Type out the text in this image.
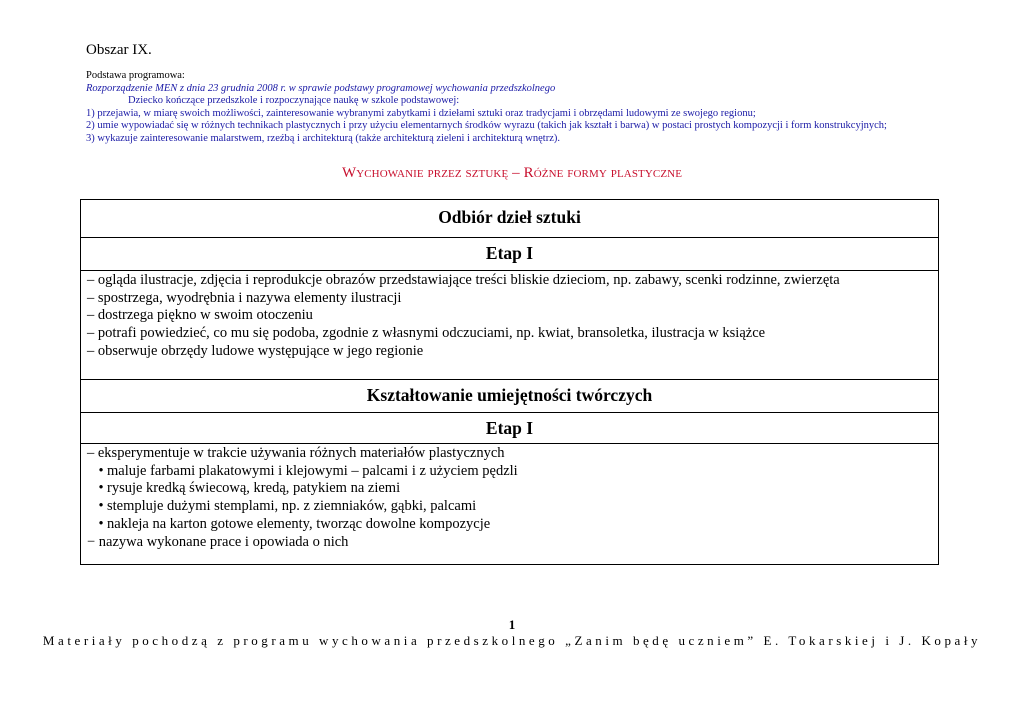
Obszar IX.
Podstawa programowa:
Rozporządzenie MEN z dnia 23 grudnia 2008 r. w sprawie podstawy programowej wychowania przedszkolnego
Dziecko kończące przedszkole i rozpoczynające naukę w szkole podstawowej:
1) przejawia, w miarę swoich możliwości, zainteresowanie wybranymi zabytkami i dziełami sztuki oraz tradycjami i obrzędami ludowymi ze swojego regionu;
2) umie wypowiadać się w różnych technikach plastycznych i przy użyciu elementarnych środków wyrazu (takich jak kształt i barwa) w postaci prostych kompozycji i form konstrukcyjnych;
3) wykazuje zainteresowanie malarstwem, rzeźbą i architekturą (także architekturą zieleni i architekturą wnętrz).
Wychowanie przez sztukę – Różne formy plastyczne
Odbiór dzieł sztuki
Etap I
– ogląda ilustracje, zdjęcia i reprodukcje obrazów przedstawiające treści bliskie dzieciom, np. zabawy, scenki rodzinne, zwierzęta
– spostrzega, wyodrębnia i nazywa elementy ilustracji
– dostrzega piękno w swoim otoczeniu
– potrafi powiedzieć, co mu się podoba, zgodnie z własnymi odczuciami, np. kwiat, bransoletka, ilustracja w książce
– obserwuje obrzędy ludowe występujące w jego regionie
Kształtowanie umiejętności twórczych
Etap I
– eksperymentuje w trakcie używania różnych materiałów plastycznych
• maluje farbami plakatowymi i klejowymi – palcami i z użyciem pędzli
• rysuje kredką świecową, kredą, patykiem na ziemi
• stempluje dużymi stemplami, np. z ziemniaków, gąbki, palcami
• nakleja na karton gotowe elementy, tworząc dowolne kompozycje
− nazywa wykonane prace i opowiada o nich
1
Materiały pochodzą z programu wychowania przedszkolnego „Zanim będę uczniem” E. Tokarskiej i J. Kopały
